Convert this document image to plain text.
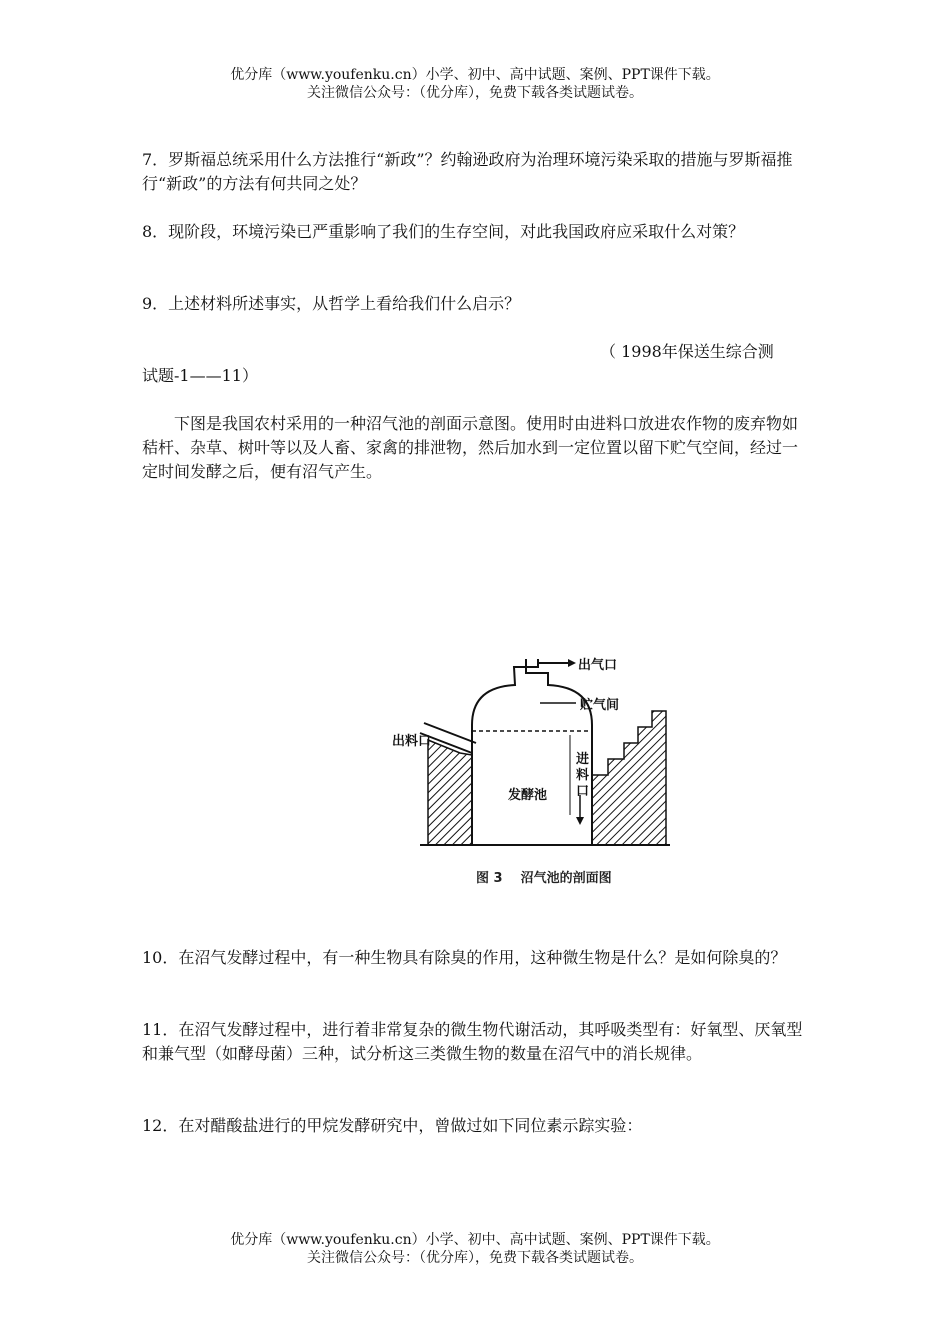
优分库（www.youfenku.cn）小学、初中、高中试题、案例、PPT课件下载。
关注微信公众号：（优分库），免费下载各类试题试卷。

7．罗斯福总统采用什么方法推行“新政”？约翰逊政府为治理环境污染采取的措施与罗斯福推行“新政”的方法有何共同之处？

8．现阶段，环境污染已严重影响了我们的生存空间，对此我国政府应采取什么对策？

9．上述材料所述事实，从哲学上看给我们什么启示？

（ 1998年保送生综合测

试题-1——11）

下图是我国农村采用的一种沼气池的剖面示意图。使用时由进料口放进农作物的废弃物如秸杆、杂草、树叶等以及人畜、家禽的排泄物，然后加水到一定位置以留下贮气空间，经过一定时间发酵之后，便有沼气产生。

出气口
贮气间
出料口
进
料
口
发酵池
图 3    沼气池的剖面图

10．在沼气发酵过程中，有一种生物具有除臭的作用，这种微生物是什么？是如何除臭的？

11．在沼气发酵过程中，进行着非常复杂的微生物代谢活动，其呼吸类型有：好氧型、厌氧型和兼气型（如酵母菌）三种，试分析这三类微生物的数量在沼气中的消长规律。

12．在对醋酸盐进行的甲烷发酵研究中，曾做过如下同位素示踪实验：

优分库（www.youfenku.cn）小学、初中、高中试题、案例、PPT课件下载。
关注微信公众号：（优分库），免费下载各类试题试卷。
